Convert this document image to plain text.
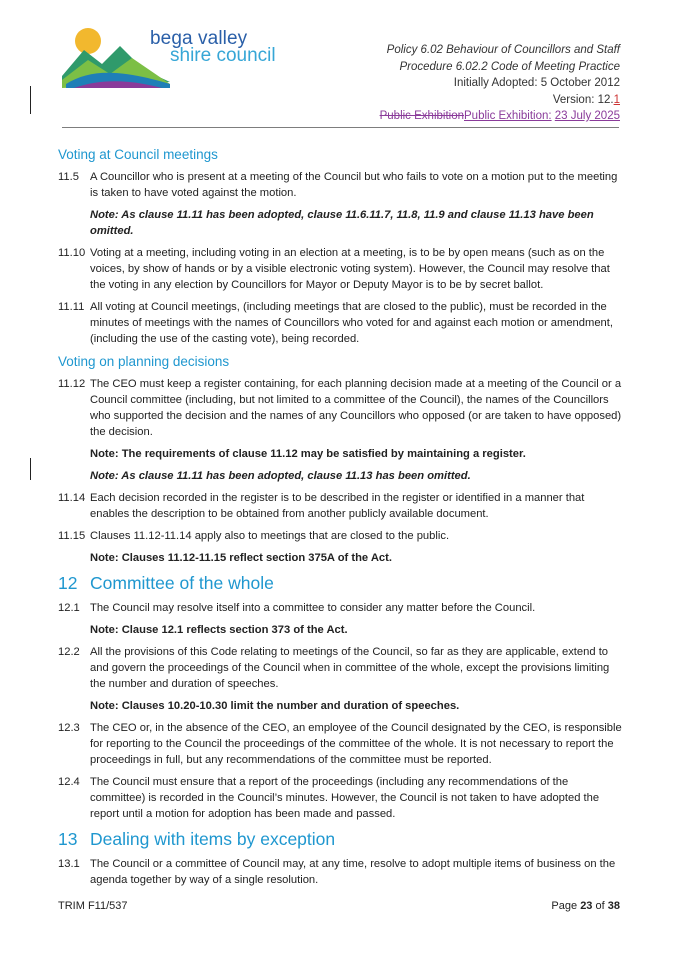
bega valley
shire council	Policy 6.02 Behaviour of Councillors and Staff
Procedure 6.02.2 Code of Meeting Practice
Initially Adopted: 5 October 2012
Version: 12.1
Public ExhibitionPublic Exhibition: 23 July 2025
Voting at Council meetings
11.5 A Councillor who is present at a meeting of the Council but who fails to vote on a motion put to the meeting is taken to have voted against the motion.
Note: As clause 11.11 has been adopted, clause 11.6.11.7, 11.8, 11.9 and clause 11.13 have been omitted.
11.10 Voting at a meeting, including voting in an election at a meeting, is to be by open means (such as on the voices, by show of hands or by a visible electronic voting system). However, the Council may resolve that the voting in any election by Councillors for Mayor or Deputy Mayor is to be by secret ballot.
11.11 All voting at Council meetings, (including meetings that are closed to the public), must be recorded in the minutes of meetings with the names of Councillors who voted for and against each motion or amendment, (including the use of the casting vote), being recorded.
Voting on planning decisions
11.12 The CEO must keep a register containing, for each planning decision made at a meeting of the Council or a Council committee (including, but not limited to a committee of the Council), the names of the Councillors who supported the decision and the names of any Councillors who opposed (or are taken to have opposed) the decision.
Note: The requirements of clause 11.12 may be satisfied by maintaining a register.
Note: As clause 11.11 has been adopted, clause 11.13 has been omitted.
11.14 Each decision recorded in the register is to be described in the register or identified in a manner that enables the description to be obtained from another publicly available document.
11.15 Clauses 11.12-11.14 apply also to meetings that are closed to the public.
Note: Clauses 11.12-11.15 reflect section 375A of the Act.
12 Committee of the whole
12.1 The Council may resolve itself into a committee to consider any matter before the Council.
Note: Clause 12.1 reflects section 373 of the Act.
12.2 All the provisions of this Code relating to meetings of the Council, so far as they are applicable, extend to and govern the proceedings of the Council when in committee of the whole, except the provisions limiting the number and duration of speeches.
Note: Clauses 10.20-10.30 limit the number and duration of speeches.
12.3 The CEO or, in the absence of the CEO, an employee of the Council designated by the CEO, is responsible for reporting to the Council the proceedings of the committee of the whole. It is not necessary to report the proceedings in full, but any recommendations of the committee must be reported.
12.4 The Council must ensure that a report of the proceedings (including any recommendations of the committee) is recorded in the Council’s minutes. However, the Council is not taken to have adopted the report until a motion for adoption has been made and passed.
13 Dealing with items by exception
13.1 The Council or a committee of Council may, at any time, resolve to adopt multiple items of business on the agenda together by way of a single resolution.
TRIM F11/537	Page 23 of 38
